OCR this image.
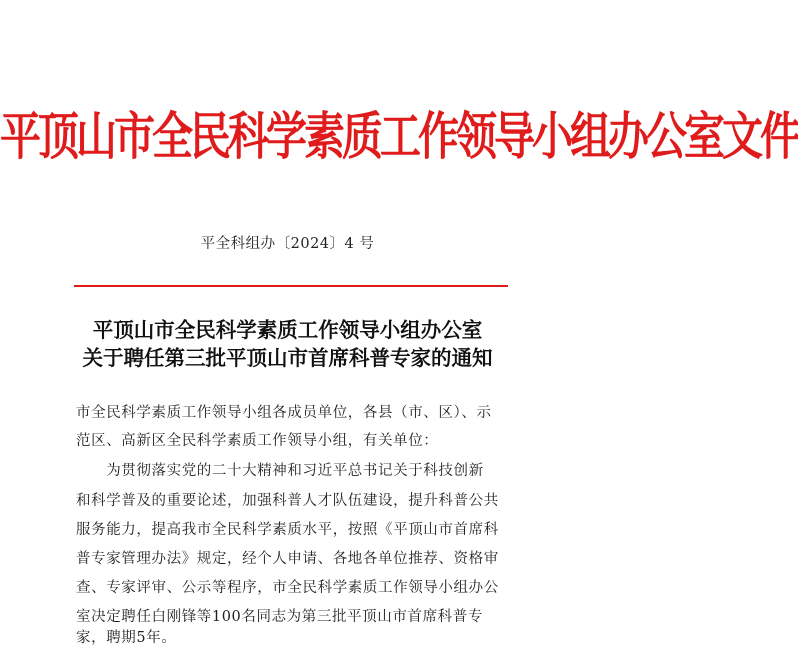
平顶山市全民科学素质工作领导小组办公室文件
平全科组办〔2024〕4 号
平顶山市全民科学素质工作领导小组办公室
关于聘任第三批平顶山市首席科普专家的通知
市全民科学素质工作领导小组各成员单位，各县（市、区）、示
范区、高新区全民科学素质工作领导小组，有关单位：
　　为贯彻落实党的二十大精神和习近平总书记关于科技创新
和科学普及的重要论述，加强科普人才队伍建设，提升科普公共
服务能力，提高我市全民科学素质水平，按照《平顶山市首席科
普专家管理办法》规定，经个人申请、各地各单位推荐、资格审
查、专家评审、公示等程序，市全民科学素质工作领导小组办公
室决定聘任白刚锋等100名同志为第三批平顶山市首席科普专
家，聘期5年。
